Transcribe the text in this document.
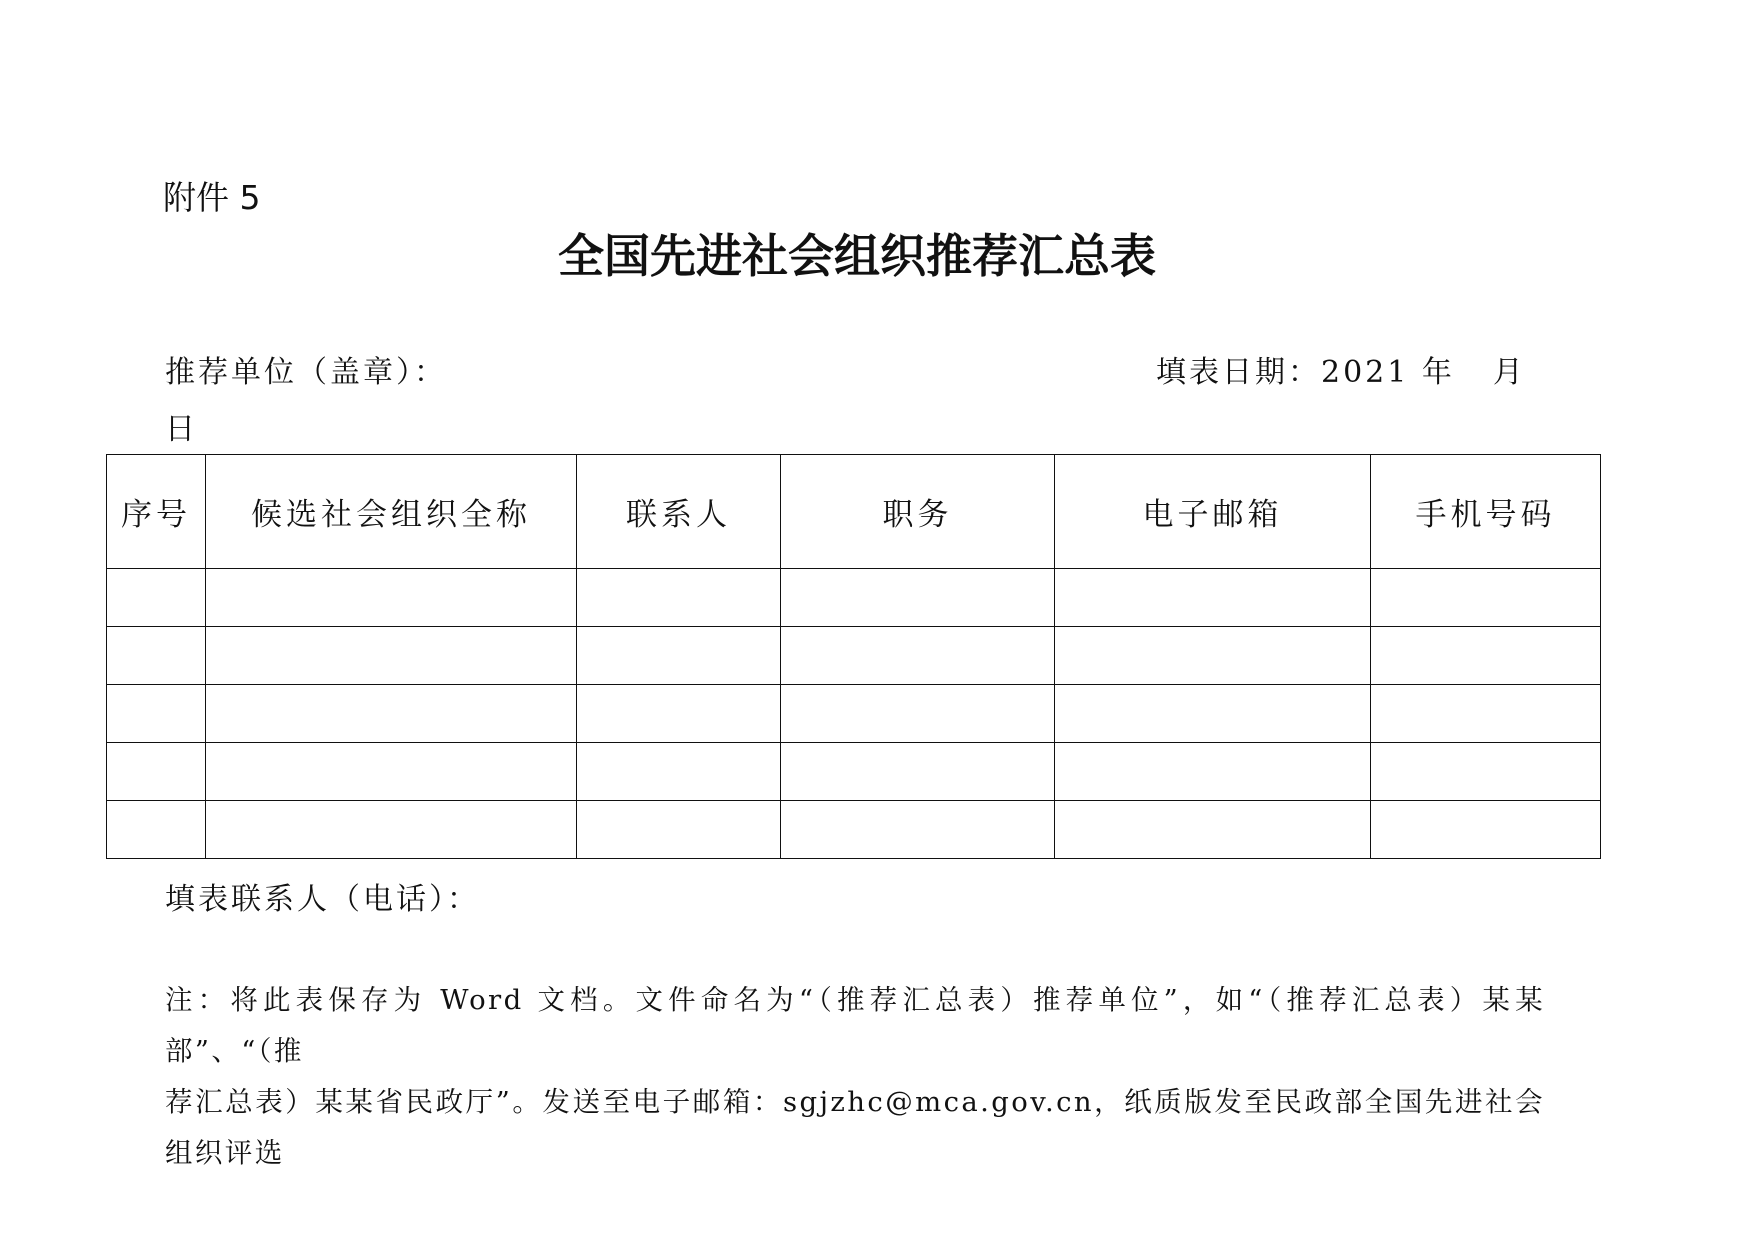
附件 5
全国先进社会组织推荐汇总表
推荐单位（盖章）：	填表日期：2021 年 月
日
序号	候选社会组织全称	联系人	职务	电子邮箱	手机号码

填表联系人（电话）：
注：将此表保存为 Word 文档。文件命名为“（推荐汇总表）推荐单位”，如“（推荐汇总表）某某部”、“（推
荐汇总表）某某省民政厅”。发送至电子邮箱：sgjzhc@mca.gov.cn，纸质版发至民政部全国先进社会组织评选
